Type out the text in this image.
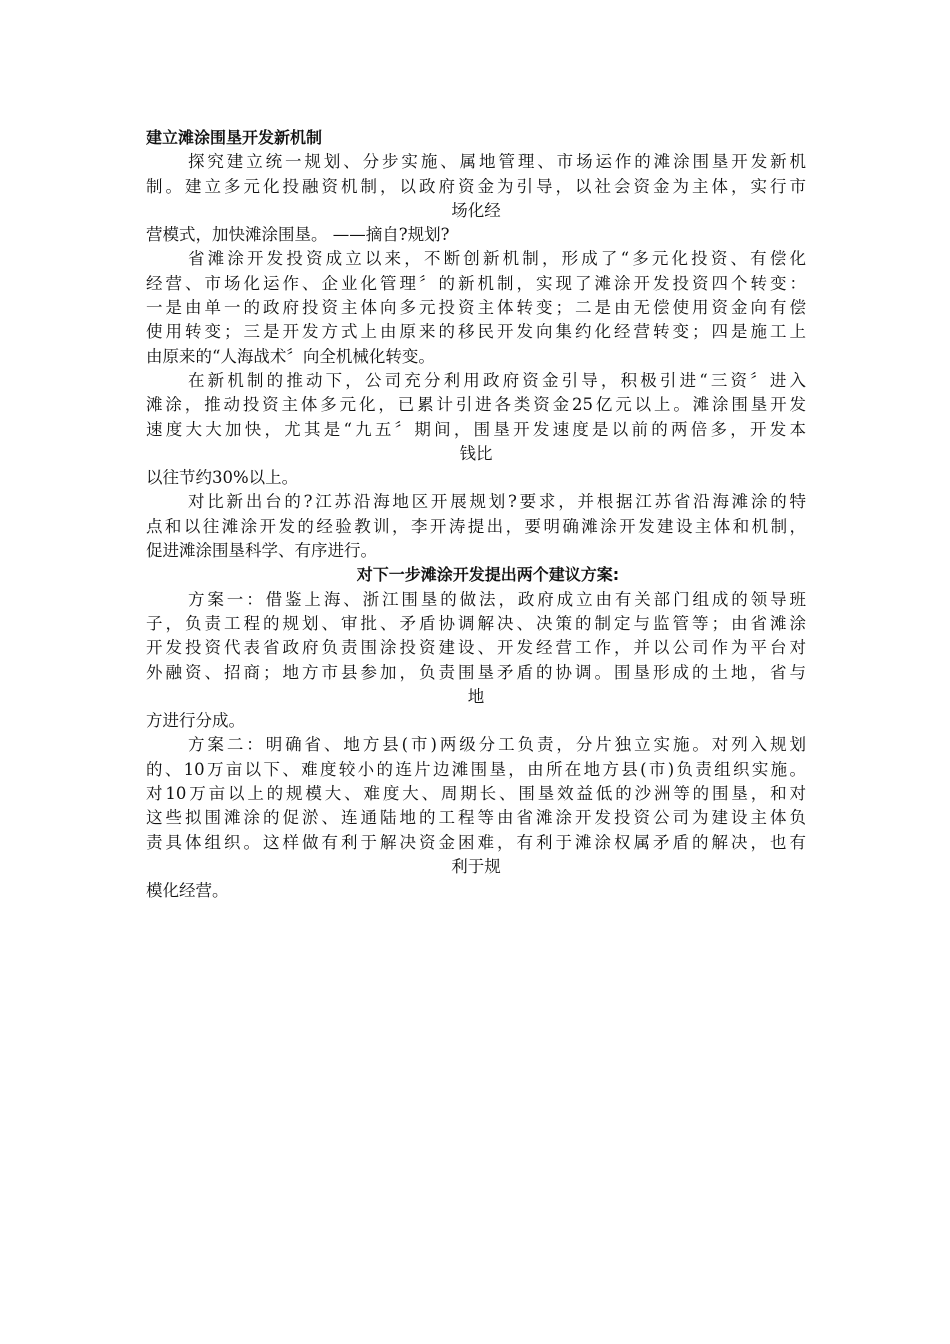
建立滩涂围垦开发新机制
探究建立统一规划、分步实施、属地管理、市场运作的滩涂围垦开发新机
制。建立多元化投融资机制，以政府资金为引导，以社会资金为主体，实行市
场化经
营模式，加快滩涂围垦。 ——摘自?规划?
省滩涂开发投资成立以来，不断创新机制，形成了“多元化投资、有偿化
经营、市场化运作、企业化管理〞的新机制，实现了滩涂开发投资四个转变：
一是由单一的政府投资主体向多元投资主体转变；二是由无偿使用资金向有偿
使用转变；三是开发方式上由原来的移民开发向集约化经营转变；四是施工上
由原来的“人海战术〞向全机械化转变。
在新机制的推动下，公司充分利用政府资金引导，积极引进“三资〞进入
滩涂，推动投资主体多元化，已累计引进各类资金25亿元以上。滩涂围垦开发
速度大大加快，尤其是“九五〞期间，围垦开发速度是以前的两倍多，开发本
钱比
以往节约30%以上。
对比新出台的?江苏沿海地区开展规划?要求，并根据江苏省沿海滩涂的特
点和以往滩涂开发的经验教训，李开涛提出，要明确滩涂开发建设主体和机制，
促进滩涂围垦科学、有序进行。
对下一步滩涂开发提出两个建议方案:
方案一：借鉴上海、浙江围垦的做法，政府成立由有关部门组成的领导班
子，负责工程的规划、审批、矛盾协调解决、决策的制定与监管等；由省滩涂
开发投资代表省政府负责围涂投资建设、开发经营工作，并以公司作为平台对
外融资、招商；地方市县参加，负责围垦矛盾的协调。围垦形成的土地，省与
地
方进行分成。
方案二：明确省、地方县(市)两级分工负责，分片独立实施。对列入规划
的、10万亩以下、难度较小的连片边滩围垦，由所在地方县(市)负责组织实施。
对10万亩以上的规模大、难度大、周期长、围垦效益低的沙洲等的围垦，和对
这些拟围滩涂的促淤、连通陆地的工程等由省滩涂开发投资公司为建设主体负
责具体组织。这样做有利于解决资金困难，有利于滩涂权属矛盾的解决，也有
利于规
模化经营。
